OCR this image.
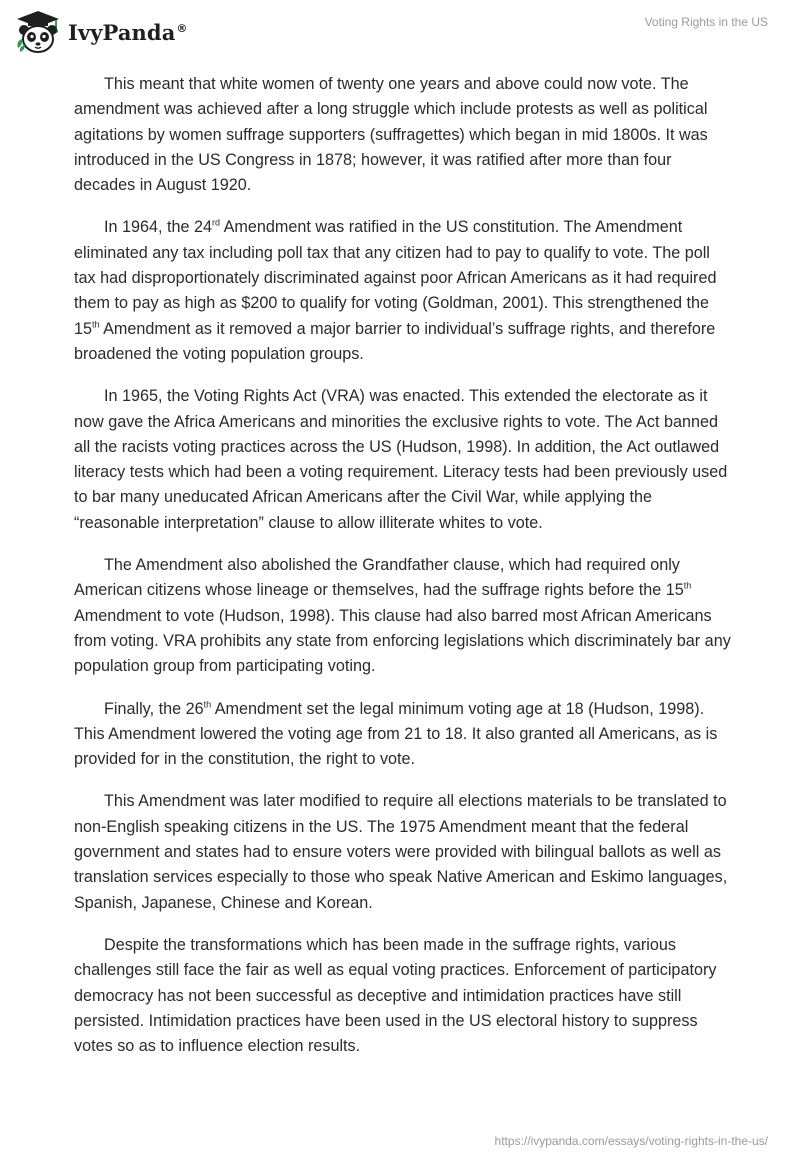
IvyPanda®	Voting Rights in the US

This meant that white women of twenty one years and above could now vote. The amendment was achieved after a long struggle which include protests as well as political agitations by women suffrage supporters (suffragettes) which began in mid 1800s. It was introduced in the US Congress in 1878; however, it was ratified after more than four decades in August 1920.

In 1964, the 24rd Amendment was ratified in the US constitution. The Amendment eliminated any tax including poll tax that any citizen had to pay to qualify to vote. The poll tax had disproportionately discriminated against poor African Americans as it had required them to pay as high as $200 to qualify for voting (Goldman, 2001). This strengthened the 15th Amendment as it removed a major barrier to individual’s suffrage rights, and therefore broadened the voting population groups.

In 1965, the Voting Rights Act (VRA) was enacted. This extended the electorate as it now gave the Africa Americans and minorities the exclusive rights to vote. The Act banned all the racists voting practices across the US (Hudson, 1998). In addition, the Act outlawed literacy tests which had been a voting requirement. Literacy tests had been previously used to bar many uneducated African Americans after the Civil War, while applying the “reasonable interpretation” clause to allow illiterate whites to vote.

The Amendment also abolished the Grandfather clause, which had required only American citizens whose lineage or themselves, had the suffrage rights before the 15th Amendment to vote (Hudson, 1998). This clause had also barred most African Americans from voting. VRA prohibits any state from enforcing legislations which discriminately bar any population group from participating voting.

Finally, the 26th Amendment set the legal minimum voting age at 18 (Hudson, 1998). This Amendment lowered the voting age from 21 to 18. It also granted all Americans, as is provided for in the constitution, the right to vote.

This Amendment was later modified to require all elections materials to be translated to non-English speaking citizens in the US. The 1975 Amendment meant that the federal government and states had to ensure voters were provided with bilingual ballots as well as translation services especially to those who speak Native American and Eskimo languages, Spanish, Japanese, Chinese and Korean.

Despite the transformations which has been made in the suffrage rights, various challenges still face the fair as well as equal voting practices. Enforcement of participatory democracy has not been successful as deceptive and intimidation practices have still persisted. Intimidation practices have been used in the US electoral history to suppress votes so as to influence election results.

https://ivypanda.com/essays/voting-rights-in-the-us/
